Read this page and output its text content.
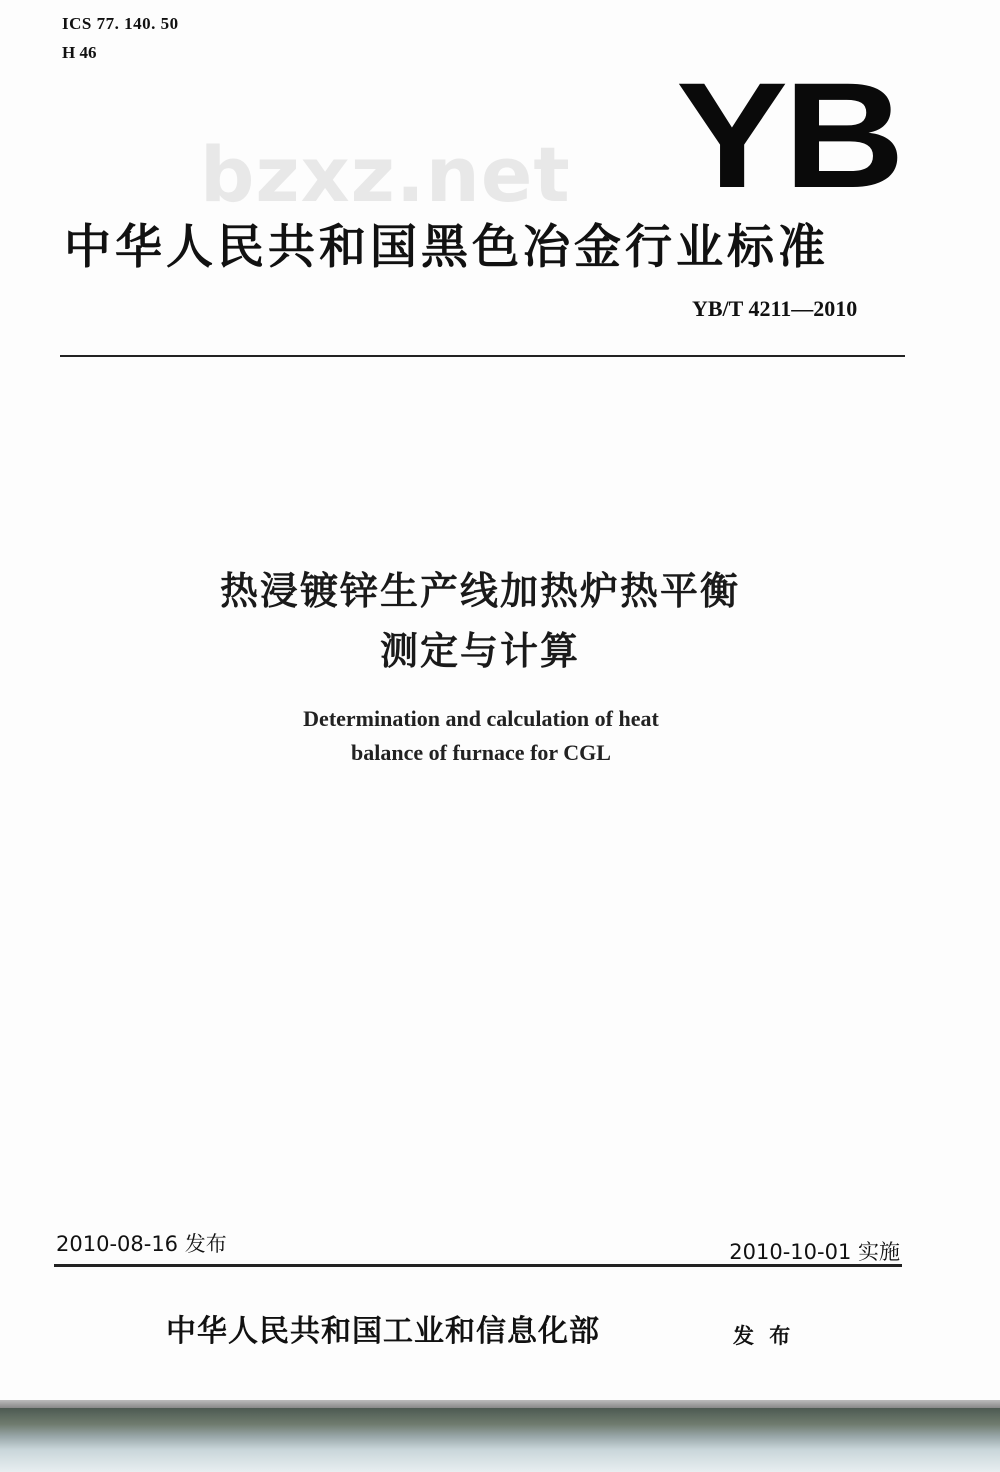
ICS 77. 140. 50
H 46
bzxz.net YB
中华人民共和国黑色冶金行业标准
YB/T 4211—2010
热浸镀锌生产线加热炉热平衡
测定与计算
Determination and calculation of heat
balance of furnace for CGL
2010-08-16 发布	2010-10-01 实施
中华人民共和国工业和信息化部	发 布
